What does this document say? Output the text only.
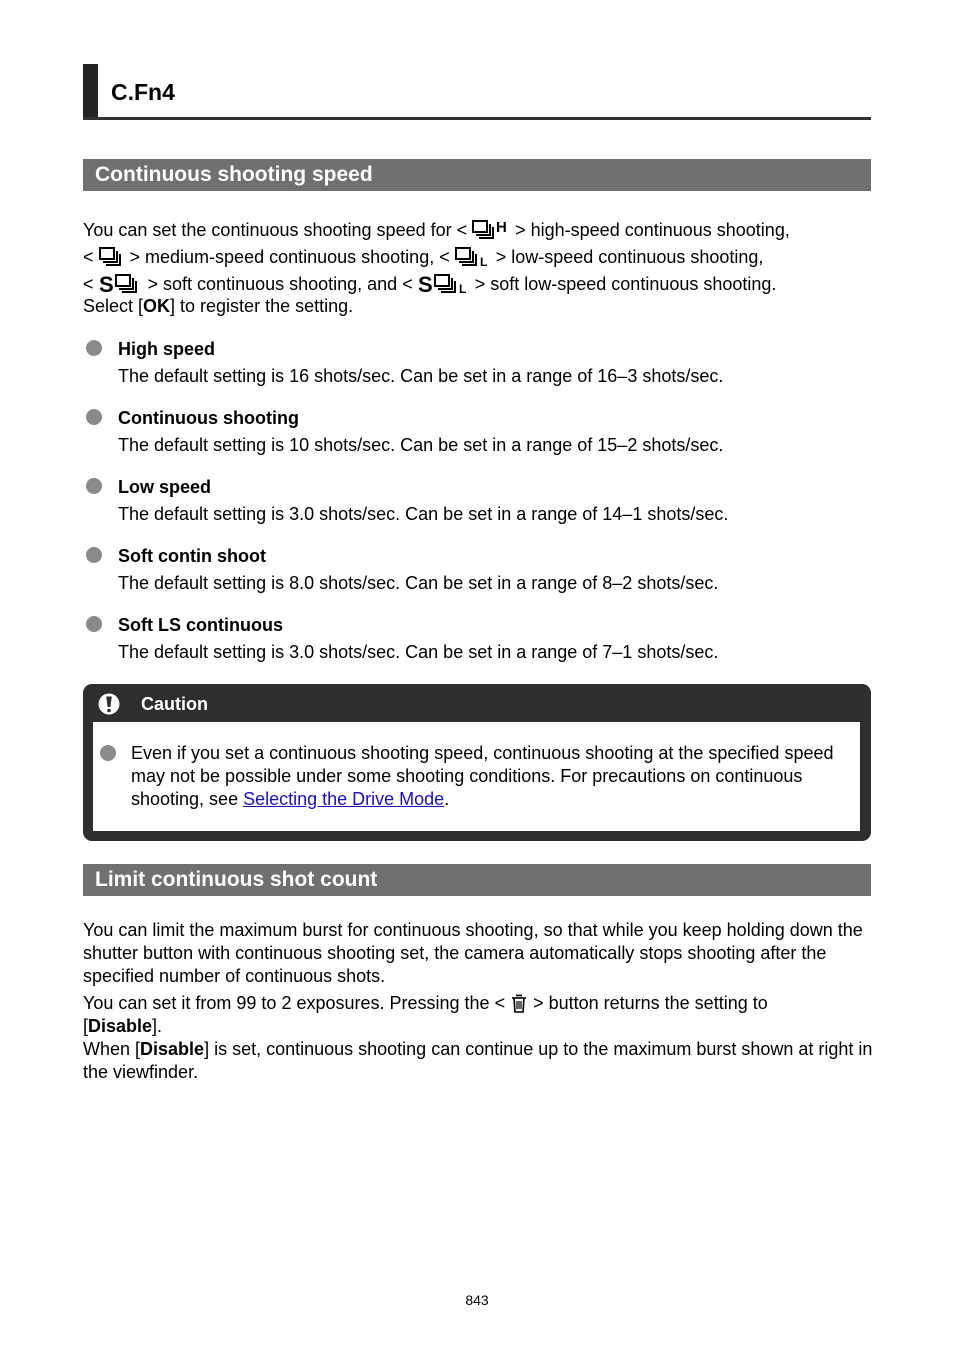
C.Fn4
Continuous shooting speed
You can set the continuous shooting speed for < H > high-speed continuous shooting,
<  > medium-speed continuous shooting, < L > low-speed continuous shooting,
< S > soft continuous shooting, and < S L > soft low-speed continuous shooting.
Select [OK] to register the setting.
High speed
The default setting is 16 shots/sec. Can be set in a range of 16–3 shots/sec.
Continuous shooting
The default setting is 10 shots/sec. Can be set in a range of 15–2 shots/sec.
Low speed
The default setting is 3.0 shots/sec. Can be set in a range of 14–1 shots/sec.
Soft contin shoot
The default setting is 8.0 shots/sec. Can be set in a range of 8–2 shots/sec.
Soft LS continuous
The default setting is 3.0 shots/sec. Can be set in a range of 7–1 shots/sec.
Caution
Even if you set a continuous shooting speed, continuous shooting at the specified speed may not be possible under some shooting conditions. For precautions on continuous shooting, see Selecting the Drive Mode.
Limit continuous shot count
You can limit the maximum burst for continuous shooting, so that while you keep holding down the shutter button with continuous shooting set, the camera automatically stops shooting after the specified number of continuous shots.
You can set it from 99 to 2 exposures. Pressing the <  > button returns the setting to
[Disable].
When [Disable] is set, continuous shooting can continue up to the maximum burst shown at right in the viewfinder.
843
